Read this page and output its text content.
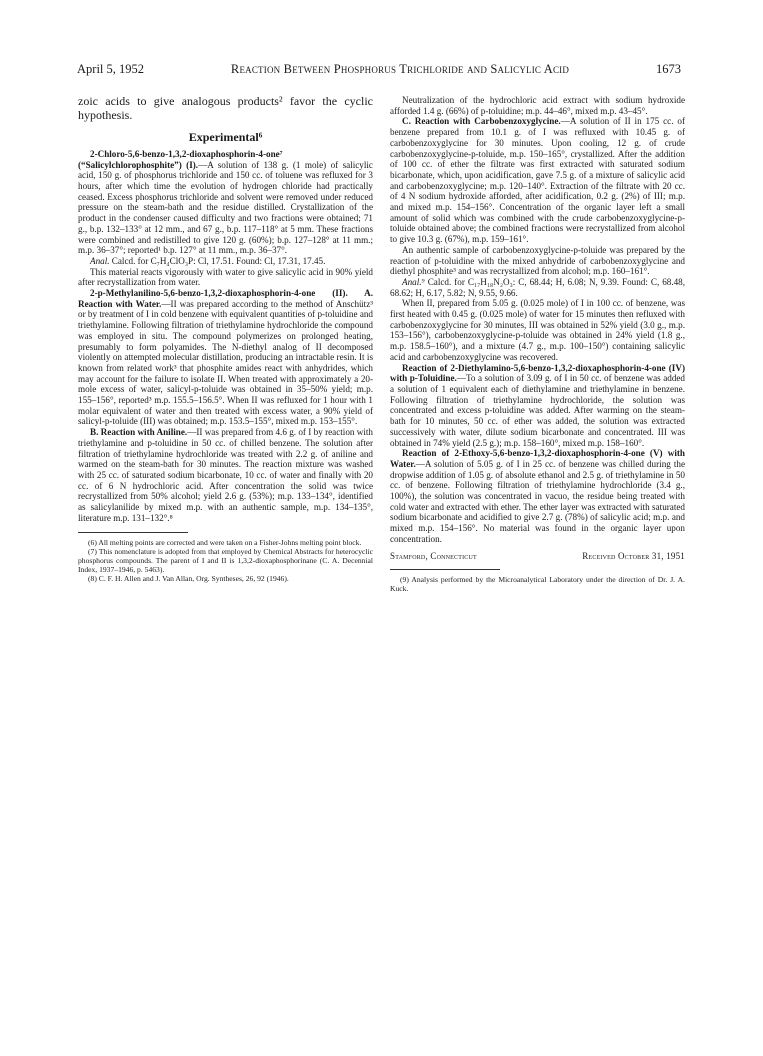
April 5, 1952	Reaction Between Phosphorus Trichloride and Salicylic Acid	1673

zoic acids to give analogous products² favor the cyclic hypothesis.

Experimental⁶

2-Chloro-5,6-benzo-1,3,2-dioxaphosphorin-4-one⁷ (“Salicylchlorophosphite”) (I).—A solution of 138 g. (1 mole) of salicylic acid, 150 g. of phosphorus trichloride and 150 cc. of toluene was refluxed for 3 hours, after which time the evolution of hydrogen chloride had practically ceased. Excess phosphorus trichloride and solvent were removed under reduced pressure on the steam-bath and the residue distilled. Crystallization of the product in the condenser caused difficulty and two fractions were obtained; 71 g., b.p. 132–133° at 12 mm., and 67 g., b.p. 117–118° at 5 mm. These fractions were combined and redistilled to give 120 g. (60%); b.p. 127–128° at 11 mm.; m.p. 36–37°; reported¹ b.p. 127° at 11 mm., m.p. 36–37°.

Anal. Calcd. for C₇H₄ClO₃P: Cl, 17.51. Found: Cl, 17.31, 17.45.

This material reacts vigorously with water to give salicylic acid in 90% yield after recrystallization from water.

2-p-Methylanilino-5,6-benzo-1,3,2-dioxaphosphorin-4-one (II). A. Reaction with Water.—II was prepared according to the method of Anschütz³ or by treatment of I in cold benzene with equivalent quantities of p-toluidine and triethylamine. Following filtration of triethylamine hydrochloride the compound was employed in situ. The compound polymerizes on prolonged heating, presumably to form polyamides. The N-diethyl analog of II decomposed violently on attempted molecular distillation, producing an intractable resin. It is known from related work³ that phosphite amides react with anhydrides, which may account for the failure to isolate II. When treated with approximately a 20-mole excess of water, salicyl-p-toluide was obtained in 35–50% yield; m.p. 155–156°, reported³ m.p. 155.5–156.5°. When II was refluxed for 1 hour with 1 molar equivalent of water and then treated with excess water, a 90% yield of salicyl-p-toluide (III) was obtained; m.p. 153.5–155°, mixed m.p. 153–155°.

B. Reaction with Aniline.—II was prepared from 4.6 g. of I by reaction with triethylamine and p-toluidine in 50 cc. of chilled benzene. The solution after filtration of triethylamine hydrochloride was treated with 2.2 g. of aniline and warmed on the steam-bath for 30 minutes. The reaction mixture was washed with 25 cc. of saturated sodium bicarbonate, 10 cc. of water and finally with 20 cc. of 6 N hydrochloric acid. After concentration the solid was twice recrystallized from 50% alcohol; yield 2.6 g. (53%); m.p. 133–134°, identified as salicylanilide by mixed m.p. with an authentic sample, m.p. 134–135°, literature m.p. 131–132°.⁸

(6) All melting points are corrected and were taken on a Fisher-Johns melting point block.

(7) This nomenclature is adopted from that employed by Chemical Abstracts for heterocyclic phosphorus compounds. The parent of I and II is 1,3,2-dioxaphosphorinane (C. A. Decennial Index, 1937–1946, p. 5463).

(8) C. F. H. Allen and J. Van Allan, Org. Syntheses, 26, 92 (1946).

Neutralization of the hydrochloric acid extract with sodium hydroxide afforded 1.4 g. (66%) of p-toluidine; m.p. 44–46°, mixed m.p. 43–45°.

C. Reaction with Carbobenzoxyglycine.—A solution of II in 175 cc. of benzene prepared from 10.1 g. of I was refluxed with 10.45 g. of carbobenzoxyglycine for 30 minutes. Upon cooling, 12 g. of crude carbobenzoxyglycine-p-toluide, m.p. 150–165°, crystallized. After the addition of 100 cc. of ether the filtrate was first extracted with saturated sodium bicarbonate, which, upon acidification, gave 7.5 g. of a mixture of salicylic acid and carbobenzoxyglycine; m.p. 120–140°. Extraction of the filtrate with 20 cc. of 4 N sodium hydroxide afforded, after acidification, 0.2 g. (2%) of III; m.p. and mixed m.p. 154–156°. Concentration of the organic layer left a small amount of solid which was combined with the crude carbobenzoxyglycine-p-toluide obtained above; the combined fractions were recrystallized from alcohol to give 10.3 g. (67%), m.p. 159–161°.

An authentic sample of carbobenzoxyglycine-p-toluide was prepared by the reaction of p-toluidine with the mixed anhydride of carbobenzoxyglycine and diethyl phosphite³ and was recrystallized from alcohol; m.p. 160–161°.

Anal.⁹ Calcd. for C₁₇H₁₈N₂O₃: C, 68.44; H, 6.08; N, 9.39. Found: C, 68.48, 68.62; H, 6.17, 5.82; N, 9.55, 9.66.

When II, prepared from 5.05 g. (0.025 mole) of I in 100 cc. of benzene, was first heated with 0.45 g. (0.025 mole) of water for 15 minutes then refluxed with carbobenzoxyglycine for 30 minutes, III was obtained in 52% yield (3.0 g., m.p. 153–156°), carbobenzoxyglycine-p-toluide was obtained in 24% yield (1.8 g., m.p. 158.5–160°), and a mixture (4.7 g., m.p. 100–150°) containing salicylic acid and carbobenzoxyglycine was recovered.

Reaction of 2-Diethylamino-5,6-benzo-1,3,2-dioxaphosphorin-4-one (IV) with p-Toluidine.—To a solution of 3.09 g. of I in 50 cc. of benzene was added a solution of 1 equivalent each of diethylamine and triethylamine in benzene. Following filtration of triethylamine hydrochloride, the solution was concentrated and excess p-toluidine was added. After warming on the steam-bath for 10 minutes, 50 cc. of ether was added, the solution was extracted successively with water, dilute sodium bicarbonate and concentrated. III was obtained in 74% yield (2.5 g.); m.p. 158–160°, mixed m.p. 158–160°.

Reaction of 2-Ethoxy-5,6-benzo-1,3,2-dioxaphosphorin-4-one (V) with Water.—A solution of 5.05 g. of I in 25 cc. of benzene was chilled during the dropwise addition of 1.05 g. of absolute ethanol and 2.5 g. of triethylamine in 50 cc. of benzene. Following filtration of triethylamine hydrochloride (3.4 g., 100%), the solution was concentrated in vacuo, the residue being treated with cold water and extracted with ether. The ether layer was extracted with saturated sodium bicarbonate and acidified to give 2.7 g. (78%) of salicylic acid; m.p. and mixed m.p. 154–156°. No material was found in the organic layer upon concentration.

Stamford, Connecticut	Received October 31, 1951

(9) Analysis performed by the Microanalytical Laboratory under the direction of Dr. J. A. Kuck.
